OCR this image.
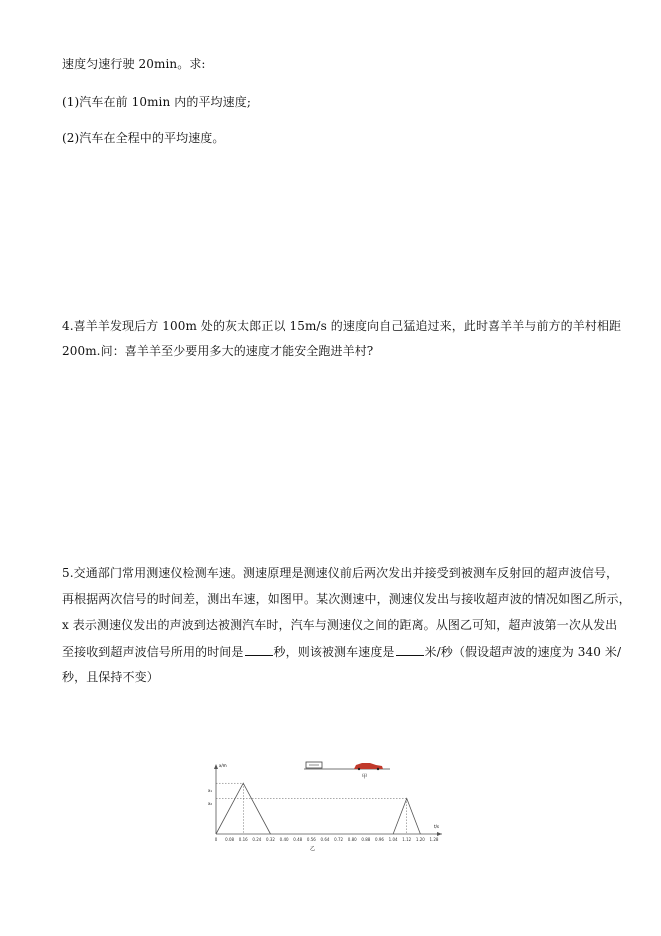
速度匀速行驶 20min。求:
(1)汽车在前 10min 内的平均速度;
(2)汽车在全程中的平均速度。
4.喜羊羊发现后方 100m 处的灰太郎正以 15m/s 的速度向自己猛追过来，此时喜羊羊与前方的羊村相距
200m.问：喜羊羊至少要用多大的速度才能安全跑进羊村?
5.交通部门常用测速仪检测车速。测速原理是测速仪前后两次发出并接受到被测车反射回的超声波信号，
再根据两次信号的时间差，测出车速，如图甲。某次测速中，测速仪发出与接收超声波的情况如图乙所示，
x 表示测速仪发出的声波到达被测汽车时，汽车与测速仪之间的距离。从图乙可知，超声波第一次从发出
至接收到超声波信号所用的时间是	秒，则该被测车速度是	米/秒（假设超声波的速度为 340 米/
秒，且保持不变）
甲
x/m
t/s
x₁
x₂
0 0.08 0.16 0.24 0.32 0.40 0.48 0.56 0.64 0.72 0.80 0.88 0.96 1.04 1.12 1.20 1.28
乙
